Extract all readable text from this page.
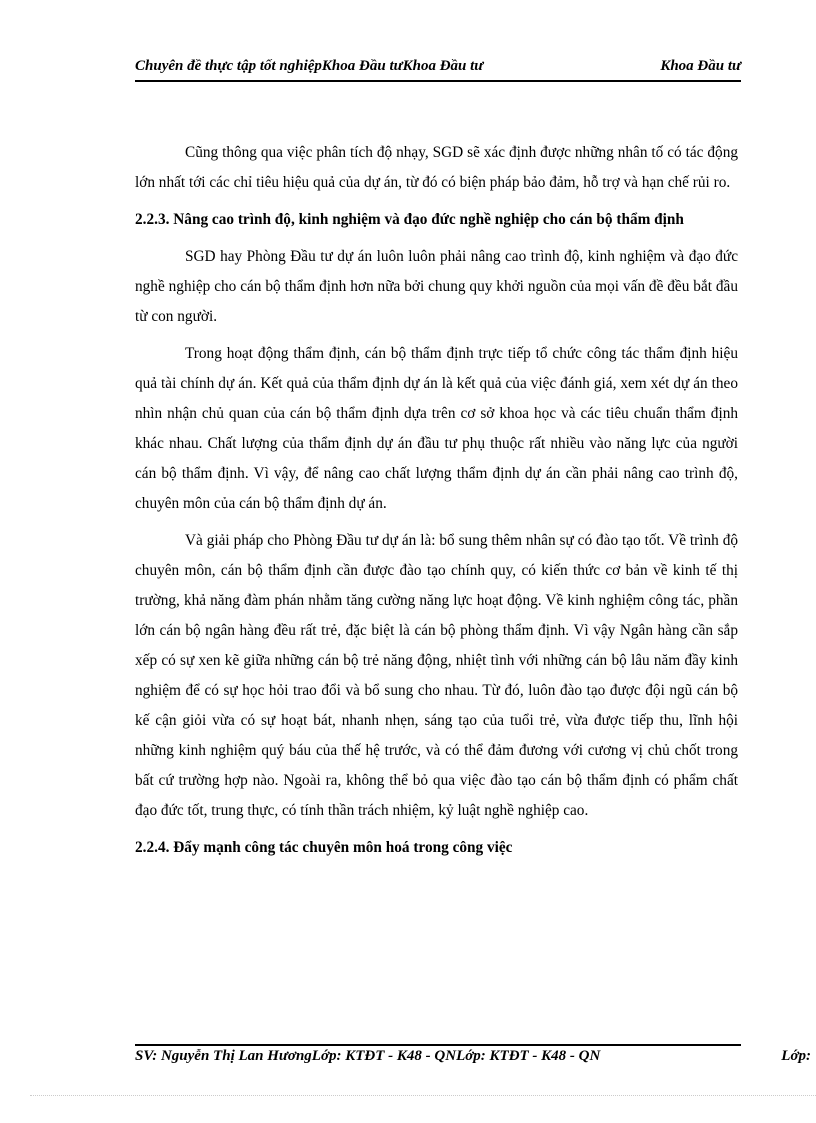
Chuyên đề thực tập tốt nghiệpKhoa Đầu tưKhoa Đầu tư	Khoa Đầu tư

Cũng thông qua việc phân tích độ nhạy, SGD sẽ xác định được những nhân tố có tác động lớn nhất tới các chỉ tiêu hiệu quả của dự án, từ đó có biện pháp bảo đảm, hỗ trợ và hạn chế rủi ro.

2.2.3. Nâng cao trình độ, kinh nghiệm và đạo đức nghề nghiệp cho cán bộ thẩm định

SGD hay Phòng Đầu tư dự án luôn luôn phải nâng cao trình độ, kinh nghiệm và đạo đức nghề nghiệp cho cán bộ thẩm định hơn nữa bởi chung quy khởi nguồn của mọi vấn đề đều bắt đầu từ con người.

Trong hoạt động thẩm định, cán bộ thẩm định trực tiếp tổ chức công tác thẩm định hiệu quả tài chính dự án. Kết quả của thẩm định dự án là kết quả của việc đánh giá, xem xét dự án theo nhìn nhận chủ quan của cán bộ thẩm định dựa trên cơ sở khoa học và các tiêu chuẩn thẩm định khác nhau. Chất lượng của thẩm định dự án đầu tư phụ thuộc rất nhiều vào năng lực của người cán bộ thẩm định. Vì vậy, để nâng cao chất lượng thẩm định dự án cần phải nâng cao trình độ, chuyên môn của cán bộ thẩm định dự án.

Và giải pháp cho Phòng Đầu tư dự án là: bổ sung thêm nhân sự có đào tạo tốt. Về trình độ chuyên môn, cán bộ thẩm định cần được đào tạo chính quy, có kiến thức cơ bản về kinh tế thị trường, khả năng đàm phán nhằm tăng cường năng lực hoạt động. Về kinh nghiệm công tác, phần lớn cán bộ ngân hàng đều rất trẻ, đặc biệt là cán bộ phòng thẩm định. Vì vậy Ngân hàng cần sắp xếp có sự xen kẽ giữa những cán bộ trẻ năng động, nhiệt tình với những cán bộ lâu năm đầy kinh nghiệm để có sự học hỏi trao đổi và bổ sung cho nhau. Từ đó, luôn đào tạo được đội ngũ cán bộ kế cận giỏi vừa có sự hoạt bát, nhanh nhẹn, sáng tạo của tuổi trẻ, vừa được tiếp thu, lĩnh hội những kinh nghiệm quý báu của thế hệ trước, và có thể đảm đương với cương vị chủ chốt trong bất cứ trường hợp nào. Ngoài ra, không thể bỏ qua việc đào tạo cán bộ thẩm định có phẩm chất đạo đức tốt, trung thực, có tính thần trách nhiệm, kỷ luật nghề nghiệp cao.

2.2.4. Đẩy mạnh công tác chuyên môn hoá trong công việc
SV: Nguyễn Thị Lan HươngLớp: KTĐT - K48 - QNLớp: KTĐT - K48 - QN	Lớp:
